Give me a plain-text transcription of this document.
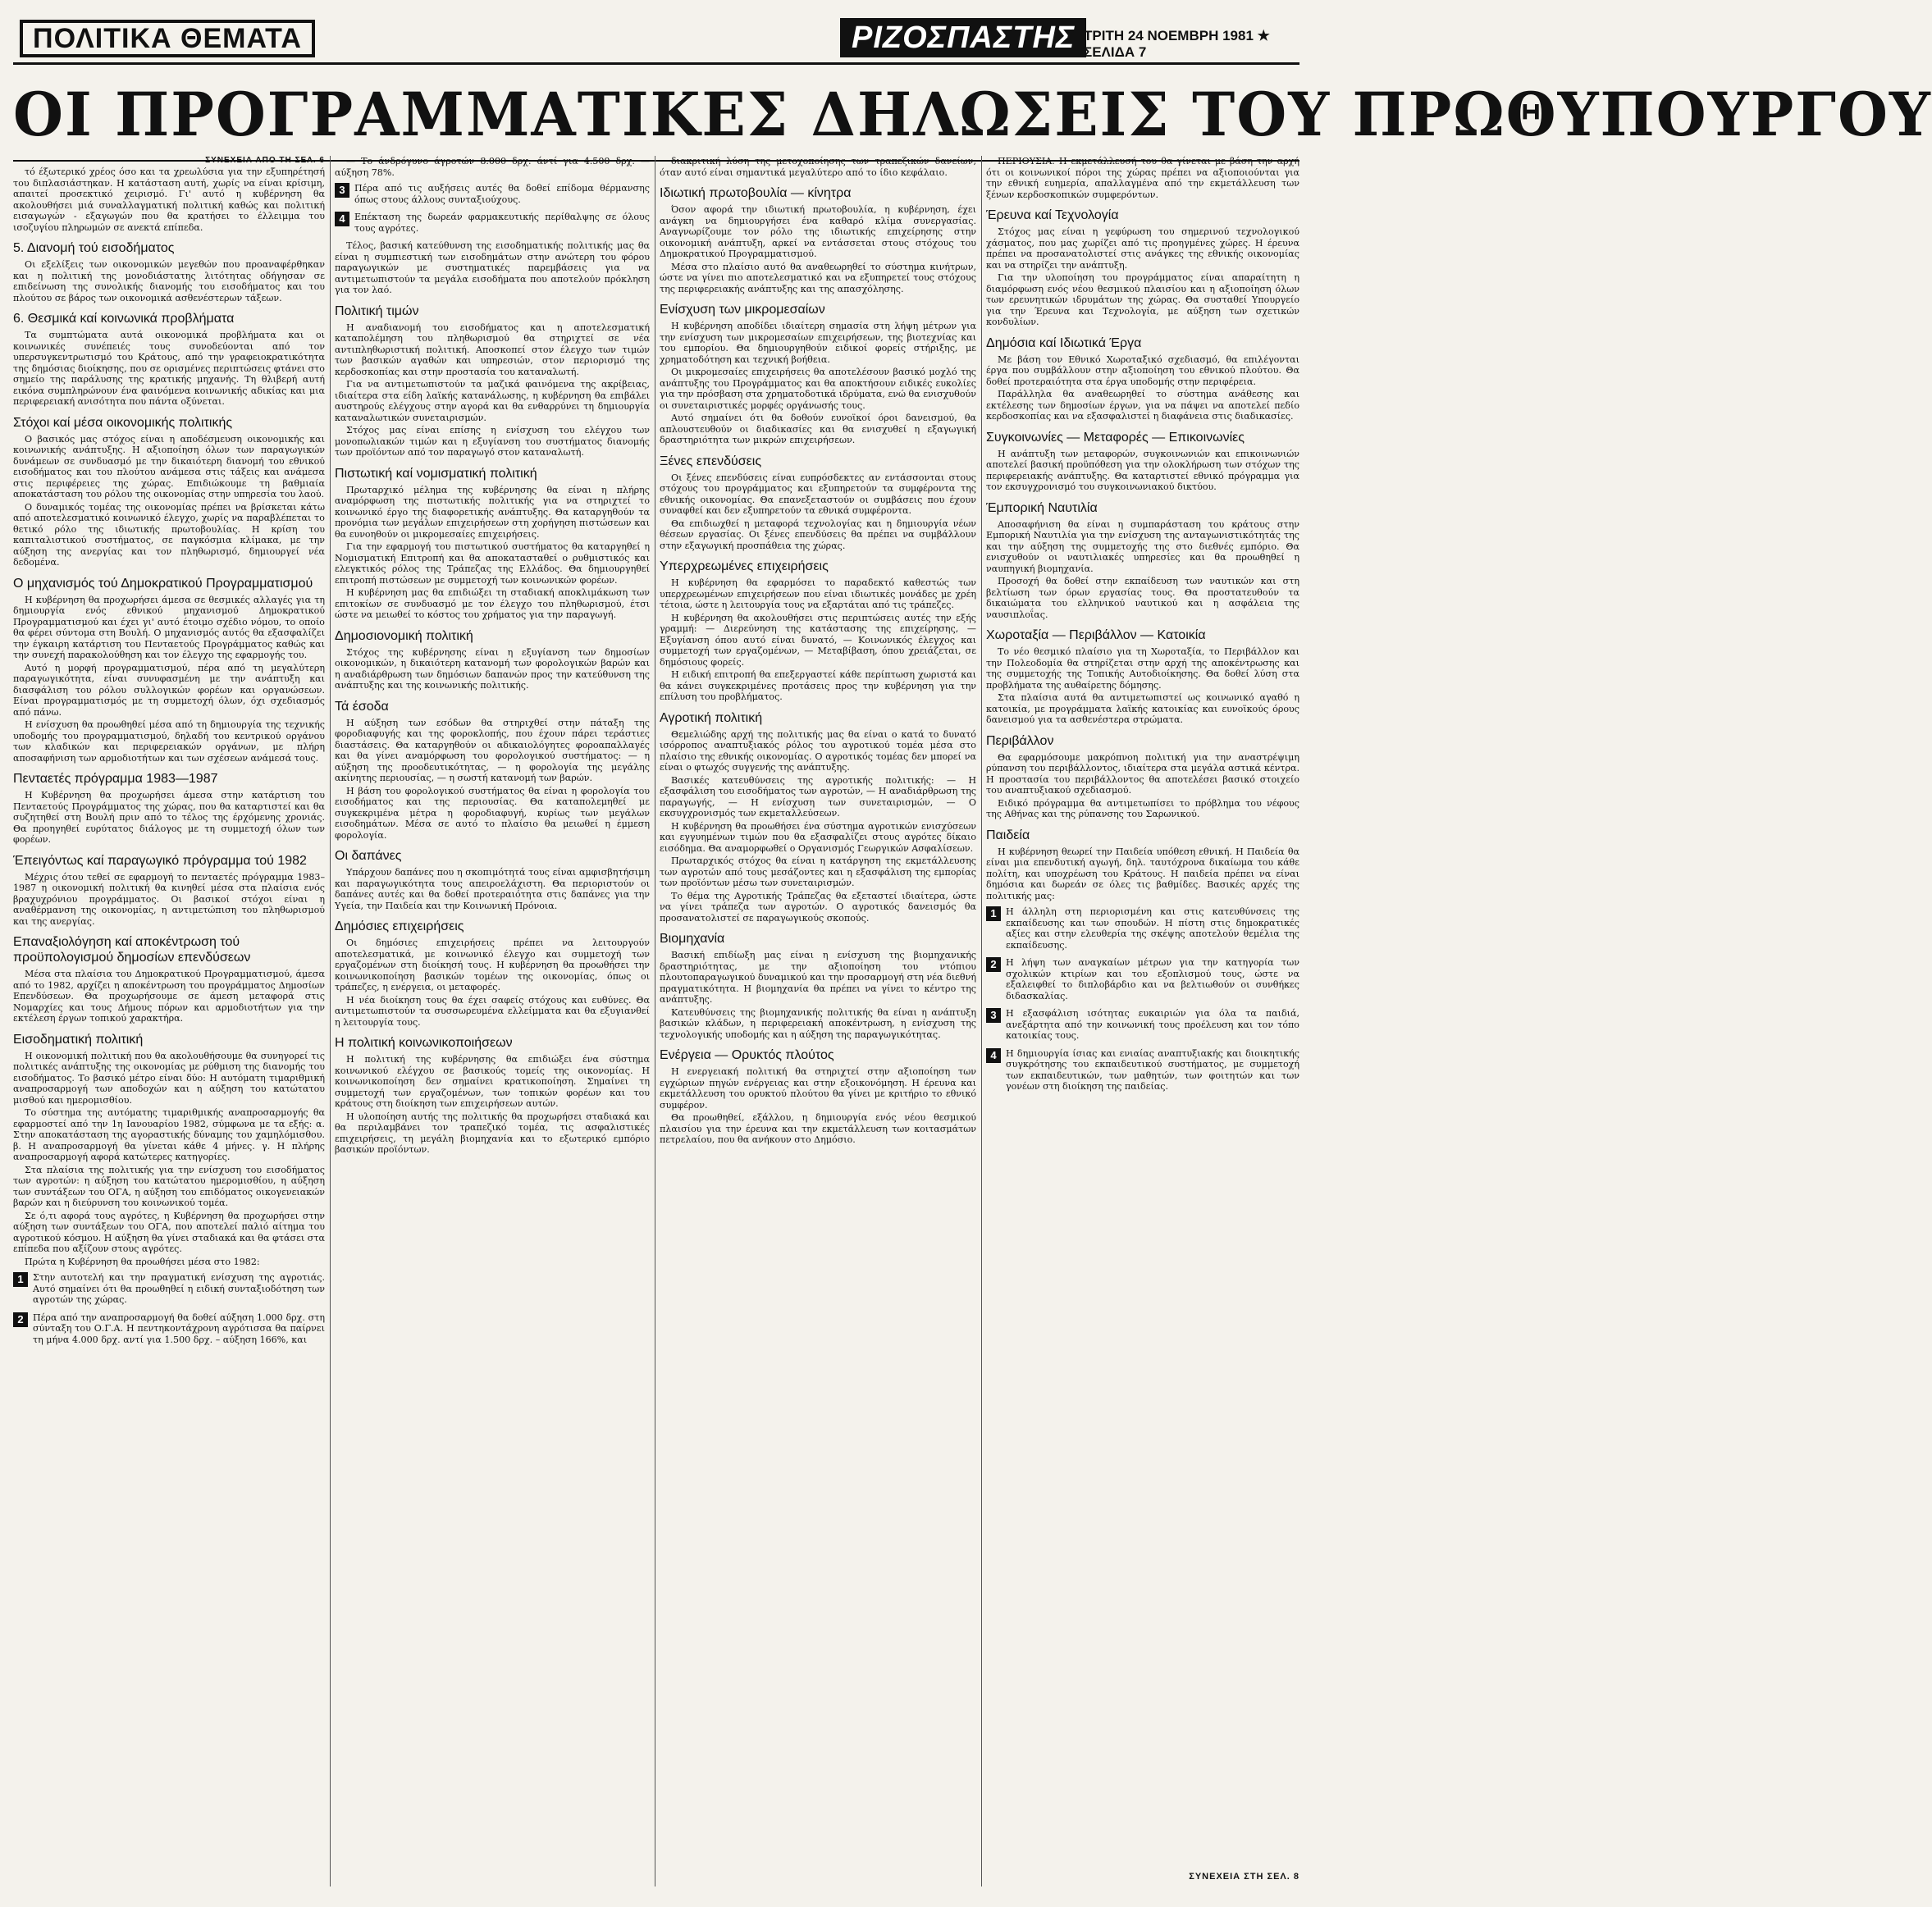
ΠΟΛΙΤΙΚΑ ΘΕΜΑΤΑ	ΡΙΖΟΣΠΑΣΤΗΣ ΤΡΙΤΗ 24 ΝΟΕΜΒΡΗ 1981 ★ ΣΕΛΙΔΑ 7
ΟΙ ΠΡΟΓΡΑΜΜΑΤΙΚΕΣ ΔΗΛΩΣΕΙΣ ΤΟΥ ΠΡΩΘΥΠΟΥΡΓΟΥ
ΣΥΝΕΧΕΙΑ ΑΠΟ ΤΗ ΣΕΛ. 6

τό έξωτερικό χρέος όσο και τα χρεωλύσια για την εξυπηρέτησή του διπλασιάστηκαν. Η κατάσταση αυτή, χωρίς να είναι κρίσιμη, απαιτεί προσεκτικό χειρισμό. Γι' αυτό η κυβέρνηση θα ακολουθήσει μιά συναλλαγματική πολιτική καθώς και πολιτική εισαγωγών - εξαγωγών που θα κρατήσει το έλλειμμα του ισοζυγίου πληρωμών σε ανεκτά επίπεδα.

5. Διανομή τού εισοδήματος

Οι εξελίξεις των οικονομικών μεγεθών που προαναφέρθηκαν και η πολιτική της μονοδιάστατης λιτότητας οδήγησαν σε επιδείνωση της συνολικής διανομής του εισοδήματος και του πλούτου σε βάρος των οικονομικά ασθενέστερων τάξεων.

6. Θεσμικά καί κοινωνικά προβλήματα

Τα συμπτώματα αυτά οικονομικά προβλήματα και οι κοινωνικές συνέπειές τους συνοδεύονται από τον υπερσυγκεντρωτισμό του Κράτους, από την γραφειοκρατικότητα της δημόσιας διοίκησης, που σε ορισμένες περιπτώσεις φτάνει στο σημείο της παράλυσης της κρατικής μηχανής. Τη θλιβερή αυτή εικόνα συμπληρώνουν ένα φαινόμενα κοινωνικής αδικίας και μια περιφερειακή ανισότητα που πάντα οξύνεται.

Στόχοι καί μέσα οικονομικής πολιτικής

Ο βασικός μας στόχος είναι η αποδέσμευση οικονομικής και κοινωνικής ανάπτυξης. Η αξιοποίηση όλων των παραγωγικών δυνάμεων σε συνδυασμό με την δικαιότερη διανομή του εθνικού εισοδήματος και του πλούτου ανάμεσα στις τάξεις και ανάμεσα στις περιφέρειες της χώρας. Επιδιώκουμε τη βαθμιαία αποκατάσταση του ρόλου της οικονομίας στην υπηρεσία του λαού.

Ο δυναμικός τομέας της οικονομίας πρέπει να βρίσκεται κάτω από αποτελεσματικό κοινωνικό έλεγχο, χωρίς να παραβλέπεται το θετικό ρόλο της ιδιωτικής πρωτοβουλίας. Η κρίση του καπιταλιστικού συστήματος, σε παγκόσμια κλίμακα, με την αύξηση της ανεργίας και τον πληθωρισμό, δημιουργεί νέα δεδομένα.

Ο μηχανισμός τού Δημοκρατικού Προγραμματισμού

Η κυβέρνηση θα προχωρήσει άμεσα σε θεσμικές αλλαγές για τη δημιουργία ενός εθνικού μηχανισμού Δημοκρατικού Προγραμματισμού και έχει γι' αυτό έτοιμο σχέδιο νόμου, το οποίο θα φέρει σύντομα στη Βουλή. Ο μηχανισμός αυτός θα εξασφαλίζει την έγκαιρη κατάρτιση του Πενταετούς Προγράμματος καθώς και την συνεχή παρακολούθηση και τον έλεγχο της εφαρμογής του.

Αυτό η μορφή προγραμματισμού, πέρα από τη μεγαλύτερη παραγωγικότητα, είναι συνυφασμένη με την ανάπτυξη και διασφάλιση του ρόλου συλλογικών φορέων και οργανώσεων. Είναι προγραμματισμός με τη συμμετοχή όλων, όχι σχεδιασμός από πάνω.

Η ενίσχυση θα προωθηθεί μέσα από τη δημιουργία της τεχνικής υποδομής του προγραμματισμού, δηλαδή του κεντρικού οργάνου των κλαδικών και περιφερειακών οργάνων, με πλήρη αποσαφήνιση των αρμοδιοτήτων και των σχέσεων ανάμεσά τους.

Πενταετές πρόγραμμα 1983—1987

Η Κυβέρνηση θα προχωρήσει άμεσα στην κατάρτιση του Πενταετούς Προγράμματος της χώρας, που θα καταρτιστεί και θα συζητηθεί στη Βουλή πριν από το τέλος της έρχόμενης χρονιάς. Θα προηγηθεί ευρύτατος διάλογος με τη συμμετοχή όλων των φορέων.

Έπειγόντως καί παραγωγικό πρόγραμμα τού 1982

Μέχρις ότου τεθεί σε εφαρμογή το πενταετές πρόγραμμα 1983–1987 η οικονομική πολιτική θα κινηθεί μέσα στα πλαίσια ενός βραχυχρόνιου προγράμματος. Οι βασικοί στόχοι είναι η αναθέρμανση της οικονομίας, η αντιμετώπιση του πληθωρισμού και της ανεργίας.

Επαναξιολόγηση καί αποκέντρωση τού προϋπολογισμού δημοσίων επενδύσεων

Μέσα στα πλαίσια του Δημοκρατικού Προγραμματισμού, άμεσα από το 1982, αρχίζει η αποκέντρωση του προγράμματος Δημοσίων Επενδύσεων. Θα προχωρήσουμε σε άμεση μεταφορά στις Νομαρχίες και τους Δήμους πόρων και αρμοδιοτήτων για την εκτέλεση έργων τοπικού χαρακτήρα.

Εισοδηματική πολιτική

Η οικονομική πολιτική που θα ακολουθήσουμε θα συνηγορεί τις πολιτικές ανάπτυξης της οικονομίας με ρύθμιση της διανομής του εισοδήματος. Το βασικό μέτρο είναι δύο: Η αυτόματη τιμαριθμική αναπροσαρμογή των αποδοχών και η αύξηση του κατώτατου μισθού και ημερομισθίου.

Το σύστημα της αυτόματης τιμαριθμικής αναπροσαρμογής θα εφαρμοστεί από την 1η Ιανουαρίου 1982, σύμφωνα με τα εξής: α. Στην αποκατάσταση της αγοραστικής δύναμης του χαμηλόμισθου. β. Η αναπροσαρμογή θα γίνεται κάθε 4 μήνες. γ. Η πλήρης αναπροσαρμογή αφορά κατώτερες κατηγορίες.

Στα πλαίσια της πολιτικής για την ενίσχυση του εισοδήματος των αγροτών: η αύξηση του κατώτατου ημερομισθίου, η αύξηση των συντάξεων του ΟΓΑ, η αύξηση του επιδόματος οικογενειακών βαρών και η διεύρυνση του κοινωνικού τομέα.

Σε ό,τι αφορά τους αγρότες, η Κυβέρνηση θα προχωρήσει στην αύξηση των συντάξεων του ΟΓΑ, που αποτελεί παλιό αίτημα του αγροτικού κόσμου. Η αύξηση θα γίνει σταδιακά και θα φτάσει στα επίπεδα που αξίζουν στους αγρότες.

Πρώτα η Κυβέρνηση θα προωθήσει μέσα στο 1982:

1	Στην αυτοτελή και την πραγματική ενίσχυση της αγροτιάς. Αυτό σημαίνει ότι θα προωθηθεί η ειδική συνταξιοδότηση των αγροτών της χώρας.

2	Πέρα από την αναπροσαρμογή θα δοθεί αύξηση 1.000 δρχ. στη σύνταξη του Ο.Γ.Α. Η πεντηκοντάχρονη αγρότισσα θα παίρνει τη μήνα 4.000 δρχ. αντί για 1.500 δρχ. – αύξηση 166%, και

— Το άνδρόγυνο άγροτών 8.000 δρχ. άντί για 4.500 δρχ. — αύξηση 78%.

3	Πέρα από τις αυξήσεις αυτές θα δοθεί επίδομα θέρμανσης όπως στους άλλους συνταξιούχους.

4	Επέκταση της δωρεάν φαρμακευτικής περίθαλψης σε όλους τους αγρότες.

Τέλος, βασική κατεύθυνση της εισοδηματικής πολιτικής μας θα είναι η συμπιεστική των εισοδημάτων στην ανώτερη του φόρου παραγωγικών με συστηματικές παρεμβάσεις για να αντιμετωπιστούν τα μεγάλα εισοδήματα που αποτελούν πρόκληση για τον λαό.

Πολιτική τιμών

Η αναδιανομή του εισοδήματος και η αποτελεσματική καταπολέμηση του πληθωρισμού θα στηριχτεί σε νέα αντιπληθωριστική πολιτική. Αποσκοπεί στον έλεγχο των τιμών των βασικών αγαθών και υπηρεσιών, στον περιορισμό της κερδοσκοπίας και στην προστασία του καταναλωτή.

Για να αντιμετωπιστούν τα μαζικά φαινόμενα της ακρίβειας, ιδιαίτερα στα είδη λαϊκής κατανάλωσης, η κυβέρνηση θα επιβάλει αυστηρούς ελέγχους στην αγορά και θα ενθαρρύνει τη δημιουργία καταναλωτικών συνεταιρισμών.

Στόχος μας είναι επίσης η ενίσχυση του ελέγχου των μονοπωλιακών τιμών και η εξυγίανση του συστήματος διανομής των προϊόντων από τον παραγωγό στον καταναλωτή.

Πιστωτική καί νομισματική πολιτική

Πρωταρχικό μέλημα της κυβέρνησης θα είναι η πλήρης αναμόρφωση της πιστωτικής πολιτικής για να στηριχτεί το κοινωνικό έργο της διαφορετικής ανάπτυξης. Θα καταργηθούν τα προνόμια των μεγάλων επιχειρήσεων στη χορήγηση πιστώσεων και θα ευνοηθούν οι μικρομεσαίες επιχειρήσεις.

Για την εφαρμογή του πιστωτικού συστήματος θα καταργηθεί η Νομισματική Επιτροπή και θα αποκατασταθεί ο ρυθμιστικός και ελεγκτικός ρόλος της Τράπεζας της Ελλάδος. Θα δημιουργηθεί επιτροπή πιστώσεων με συμμετοχή των κοινωνικών φορέων.

Η κυβέρνηση μας θα επιδιώξει τη σταδιακή αποκλιμάκωση των επιτοκίων σε συνδυασμό με τον έλεγχο του πληθωρισμού, έτσι ώστε να μειωθεί το κόστος του χρήματος για την παραγωγή.

Δημοσιονομική πολιτική

Στόχος της κυβέρνησης είναι η εξυγίανση των δημοσίων οικονομικών, η δικαιότερη κατανομή των φορολογικών βαρών και η αναδιάρθρωση των δημόσιων δαπανών προς την κατεύθυνση της ανάπτυξης και της κοινωνικής πολιτικής.

Τά έσοδα

Η αύξηση των εσόδων θα στηριχθεί στην πάταξη της φοροδιαφυγής και της φοροκλοπής, που έχουν πάρει τεράστιες διαστάσεις. Θα καταργηθούν οι αδικαιολόγητες φοροαπαλλαγές και θα γίνει αναμόρφωση του φορολογικού συστήματος: — η αύξηση της προοδευτικότητας, — η φορολογία της μεγάλης ακίνητης περιουσίας, — η σωστή κατανομή των βαρών.

Η βάση του φορολογικού συστήματος θα είναι η φορολογία του εισοδήματος και της περιουσίας. Θα καταπολεμηθεί με συγκεκριμένα μέτρα η φοροδιαφυγή, κυρίως των μεγάλων εισοδημάτων. Μέσα σε αυτό το πλαίσιο θα μειωθεί η έμμεση φορολογία.

Οι δαπάνες

Υπάρχουν δαπάνες που η σκοπιμότητά τους είναι αμφισβητήσιμη και παραγωγικότητα τους απειροελάχιστη. Θα περιοριστούν οι δαπάνες αυτές και θα δοθεί προτεραιότητα στις δαπάνες για την Υγεία, την Παιδεία και την Κοινωνική Πρόνοια.

Δημόσιες επιχειρήσεις

Οι δημόσιες επιχειρήσεις πρέπει να λειτουργούν αποτελεσματικά, με κοινωνικό έλεγχο και συμμετοχή των εργαζομένων στη διοίκησή τους. Η κυβέρνηση θα προωθήσει την κοινωνικοποίηση βασικών τομέων της οικονομίας, όπως οι τράπεζες, η ενέργεια, οι μεταφορές.

Η νέα διοίκηση τους θα έχει σαφείς στόχους και ευθύνες. Θα αντιμετωπιστούν τα συσσωρευμένα ελλείμματα και θα εξυγιανθεί η λειτουργία τους.

Η πολιτική κοινωνικοποιήσεων

Η πολιτική της κυβέρνησης θα επιδιώξει ένα σύστημα κοινωνικού ελέγχου σε βασικούς τομείς της οικονομίας. Η κοινωνικοποίηση δεν σημαίνει κρατικοποίηση. Σημαίνει τη συμμετοχή των εργαζομένων, των τοπικών φορέων και του κράτους στη διοίκηση των επιχειρήσεων αυτών.

Η υλοποίηση αυτής της πολιτικής θα προχωρήσει σταδιακά και θα περιλαμβάνει τον τραπεζικό τομέα, τις ασφαλιστικές επιχειρήσεις, τη μεγάλη βιομηχανία και το εξωτερικό εμπόριο βασικών προϊόντων.

διακριτική λύση της μετοχοποίησης των τραπεζικών δανείων, όταν αυτό είναι σημαντικά μεγαλύτερο από το ίδιο κεφάλαιο.

Ιδιωτική πρωτοβουλία — κίνητρα

Όσον αφορά την ιδιωτική πρωτοβουλία, η κυβέρνηση, έχει ανάγκη να δημιουργήσει ένα καθαρό κλίμα συνεργασίας. Αναγνωρίζουμε τον ρόλο της ιδιωτικής επιχείρησης στην οικονομική ανάπτυξη, αρκεί να εντάσσεται στους στόχους του Δημοκρατικού Προγραμματισμού.

Μέσα στο πλαίσιο αυτό θα αναθεωρηθεί το σύστημα κινήτρων, ώστε να γίνει πιο αποτελεσματικό και να εξυπηρετεί τους στόχους της περιφερειακής ανάπτυξης και της απασχόλησης.

Ενίσχυση των μικρομεσαίων

Η κυβέρνηση αποδίδει ιδιαίτερη σημασία στη λήψη μέτρων για την ενίσχυση των μικρομεσαίων επιχειρήσεων, της βιοτεχνίας και του εμπορίου. Θα δημιουργηθούν ειδικοί φορείς στήριξης, με χρηματοδότηση και τεχνική βοήθεια.

Οι μικρομεσαίες επιχειρήσεις θα αποτελέσουν βασικό μοχλό της ανάπτυξης του Προγράμματος και θα αποκτήσουν ειδικές ευκολίες για την πρόσβαση στα χρηματοδοτικά ιδρύματα, ενώ θα ενισχυθούν οι συνεταιριστικές μορφές οργάνωσής τους.

Αυτό σημαίνει ότι θα δοθούν ευνοϊκοί όροι δανεισμού, θα απλουστευθούν οι διαδικασίες και θα ενισχυθεί η εξαγωγική δραστηριότητα των μικρών επιχειρήσεων.

Ξένες επενδύσεις

Οι ξένες επενδύσεις είναι ευπρόσδεκτες αν εντάσσονται στους στόχους του προγράμματος και εξυπηρετούν τα συμφέροντα της εθνικής οικονομίας. Θα επανεξεταστούν οι συμβάσεις που έχουν συναφθεί και δεν εξυπηρετούν τα εθνικά συμφέροντα.

Θα επιδιωχθεί η μεταφορά τεχνολογίας και η δημιουργία νέων θέσεων εργασίας. Οι ξένες επενδύσεις θα πρέπει να συμβάλλουν στην εξαγωγική προσπάθεια της χώρας.

Υπερχρεωμένες επιχειρήσεις

Η κυβέρνηση θα εφαρμόσει το παραδεκτό καθεστώς των υπερχρεωμένων επιχειρήσεων που είναι ιδιωτικές μονάδες με χρέη τέτοια, ώστε η λειτουργία τους να εξαρτάται από τις τράπεζες.

Η κυβέρνηση θα ακολουθήσει στις περιπτώσεις αυτές την εξής γραμμή: — Διερεύνηση της κατάστασης της επιχείρησης, — Εξυγίανση όπου αυτό είναι δυνατό, — Κοινωνικός έλεγχος και συμμετοχή των εργαζομένων, — Μεταβίβαση, όπου χρειάζεται, σε δημόσιους φορείς.

Η ειδική επιτροπή θα επεξεργαστεί κάθε περίπτωση χωριστά και θα κάνει συγκεκριμένες προτάσεις προς την κυβέρνηση για την επίλυση του προβλήματος.

Αγροτική πολιτική

Θεμελιώδης αρχή της πολιτικής μας θα είναι ο κατά το δυνατό ισόρροπος αναπτυξιακός ρόλος του αγροτικού τομέα μέσα στο πλαίσιο της εθνικής οικονομίας. Ο αγροτικός τομέας δεν μπορεί να είναι ο φτωχός συγγενής της ανάπτυξης.

Βασικές κατευθύνσεις της αγροτικής πολιτικής: — Η εξασφάλιση του εισοδήματος των αγροτών, — Η αναδιάρθρωση της παραγωγής, — Η ενίσχυση των συνεταιρισμών, — Ο εκσυγχρονισμός των εκμεταλλεύσεων.

Η κυβέρνηση θα προωθήσει ένα σύστημα αγροτικών ενισχύσεων και εγγυημένων τιμών που θα εξασφαλίζει στους αγρότες δίκαιο εισόδημα. Θα αναμορφωθεί ο Οργανισμός Γεωργικών Ασφαλίσεων.

Πρωταρχικός στόχος θα είναι η κατάργηση της εκμετάλλευσης των αγροτών από τους μεσάζοντες και η εξασφάλιση της εμπορίας των προϊόντων μέσω των συνεταιρισμών.

Το θέμα της Αγροτικής Τράπεζας θα εξεταστεί ιδιαίτερα, ώστε να γίνει τράπεζα των αγροτών. Ο αγροτικός δανεισμός θα προσανατολιστεί σε παραγωγικούς σκοπούς.

Βιομηχανία

Βασική επιδίωξη μας είναι η ενίσχυση της βιομηχανικής δραστηριότητας, με την αξιοποίηση του ντόπιου πλουτοπαραγωγικού δυναμικού και την προσαρμογή στη νέα διεθνή πραγματικότητα. Η βιομηχανία θα πρέπει να γίνει το κέντρο της ανάπτυξης.

Κατευθύνσεις της βιομηχανικής πολιτικής θα είναι η ανάπτυξη βασικών κλάδων, η περιφερειακή αποκέντρωση, η ενίσχυση της τεχνολογικής υποδομής και η αύξηση της παραγωγικότητας.

Ενέργεια — Ορυκτός πλούτος

Η ενεργειακή πολιτική θα στηριχτεί στην αξιοποίηση των εγχώριων πηγών ενέργειας και στην εξοικονόμηση. Η έρευνα και εκμετάλλευση του ορυκτού πλούτου θα γίνει με κριτήριο το εθνικό συμφέρον.

Θα προωθηθεί, εξάλλου, η δημιουργία ενός νέου θεσμικού πλαισίου για την έρευνα και την εκμετάλλευση των κοιτασμάτων πετρελαίου, που θα ανήκουν στο Δημόσιο.

ΠΕΡΙΟΥΣΙΑ. Η εκμετάλλευσή του θα γίνεται με βάση την αρχή ότι οι κοινωνικοί πόροι της χώρας πρέπει να αξιοποιούνται για την εθνική ευημερία, απαλλαγμένα από την εκμετάλλευση των ξένων κερδοσκοπικών συμφερόντων.

Έρευνα καί Τεχνολογία

Στόχος μας είναι η γεφύρωση του σημερινού τεχνολογικού χάσματος, που μας χωρίζει από τις προηγμένες χώρες. Η έρευνα πρέπει να προσανατολιστεί στις ανάγκες της εθνικής οικονομίας και να στηρίζει την ανάπτυξη.

Για την υλοποίηση του προγράμματος είναι απαραίτητη η διαμόρφωση ενός νέου θεσμικού πλαισίου και η αξιοποίηση όλων των ερευνητικών ιδρυμάτων της χώρας. Θα συσταθεί Υπουργείο για την Έρευνα και Τεχνολογία, με αύξηση των σχετικών κονδυλίων.

Δημόσια καί Ιδιωτικά Έργα

Με βάση τον Εθνικό Χωροταξικό σχεδιασμό, θα επιλέγονται έργα που συμβάλλουν στην αξιοποίηση του εθνικού πλούτου. Θα δοθεί προτεραιότητα στα έργα υποδομής στην περιφέρεια.

Παράλληλα θα αναθεωρηθεί το σύστημα ανάθεσης και εκτέλεσης των δημοσίων έργων, για να πάψει να αποτελεί πεδίο κερδοσκοπίας και να εξασφαλιστεί η διαφάνεια στις διαδικασίες.

Συγκοινωνίες — Μεταφορές — Επικοινωνίες

Η ανάπτυξη των μεταφορών, συγκοινωνιών και επικοινωνιών αποτελεί βασική προϋπόθεση για την ολοκλήρωση των στόχων της περιφερειακής ανάπτυξης. Θα καταρτιστεί εθνικό πρόγραμμα για τον εκσυγχρονισμό του συγκοινωνιακού δικτύου.

Έμπορική Ναυτιλία

Αποσαφήνιση θα είναι η συμπαράσταση του κράτους στην Εμπορική Ναυτιλία για την ενίσχυση της ανταγωνιστικότητάς της και την αύξηση της συμμετοχής της στο διεθνές εμπόριο. Θα ενισχυθούν οι ναυτιλιακές υπηρεσίες και θα προωθηθεί η ναυπηγική βιομηχανία.

Προσοχή θα δοθεί στην εκπαίδευση των ναυτικών και στη βελτίωση των όρων εργασίας τους. Θα προστατευθούν τα δικαιώματα του ελληνικού ναυτικού και η ασφάλεια της ναυσιπλοΐας.

Χωροταξία — Περιβάλλον — Κατοικία

Το νέο θεσμικό πλαίσιο για τη Χωροταξία, το Περιβάλλον και την Πολεοδομία θα στηρίζεται στην αρχή της αποκέντρωσης και της συμμετοχής της Τοπικής Αυτοδιοίκησης. Θα δοθεί λύση στα προβλήματα της αυθαίρετης δόμησης.

Στα πλαίσια αυτά θα αντιμετωπιστεί ως κοινωνικό αγαθό η κατοικία, με προγράμματα λαϊκής κατοικίας και ευνοϊκούς όρους δανεισμού για τα ασθενέστερα στρώματα.

Περιβάλλον

Θα εφαρμόσουμε μακρόπνοη πολιτική για την αναστρέψιμη ρύπανση του περιβάλλοντος, ιδιαίτερα στα μεγάλα αστικά κέντρα. Η προστασία του περιβάλλοντος θα αποτελέσει βασικό στοιχείο του αναπτυξιακού σχεδιασμού.

Ειδικό πρόγραμμα θα αντιμετωπίσει το πρόβλημα του νέφους της Αθήνας και της ρύπανσης του Σαρωνικού.

Παιδεία

Η κυβέρνηση θεωρεί την Παιδεία υπόθεση εθνική. Η Παιδεία θα είναι μια επενδυτική αγωγή, δηλ. ταυτόχρονα δικαίωμα του κάθε πολίτη, και υποχρέωση του Κράτους. Η παιδεία πρέπει να είναι δημόσια και δωρεάν σε όλες τις βαθμίδες. Βασικές αρχές της πολιτικής μας:

1	Η άλληλη στη περιορισμένη και στις κατευθύνσεις της εκπαίδευσης και των σπουδών. Η πίστη στις δημοκρατικές αξίες και στην ελευθερία της σκέψης αποτελούν θεμέλια της εκπαίδευσης.

2	Η λήψη των αναγκαίων μέτρων για την κατηγορία των σχολικών κτιρίων και του εξοπλισμού τους, ώστε να εξαλειφθεί το διπλοβάρδιο και να βελτιωθούν οι συνθήκες διδασκαλίας.

3	Η εξασφάλιση ισότητας ευκαιριών για όλα τα παιδιά, ανεξάρτητα από την κοινωνική τους προέλευση και τον τόπο κατοικίας τους.

4	Η δημιουργία ίσιας και ενιαίας αναπτυξιακής και διοικητικής συγκρότησης του εκπαιδευτικού συστήματος, με συμμετοχή των εκπαιδευτικών, των μαθητών, των φοιτητών και των γονέων στη διοίκηση της παιδείας.

ΣΥΝΕΧΕΙΑ ΣΤΗ ΣΕΛ. 8
